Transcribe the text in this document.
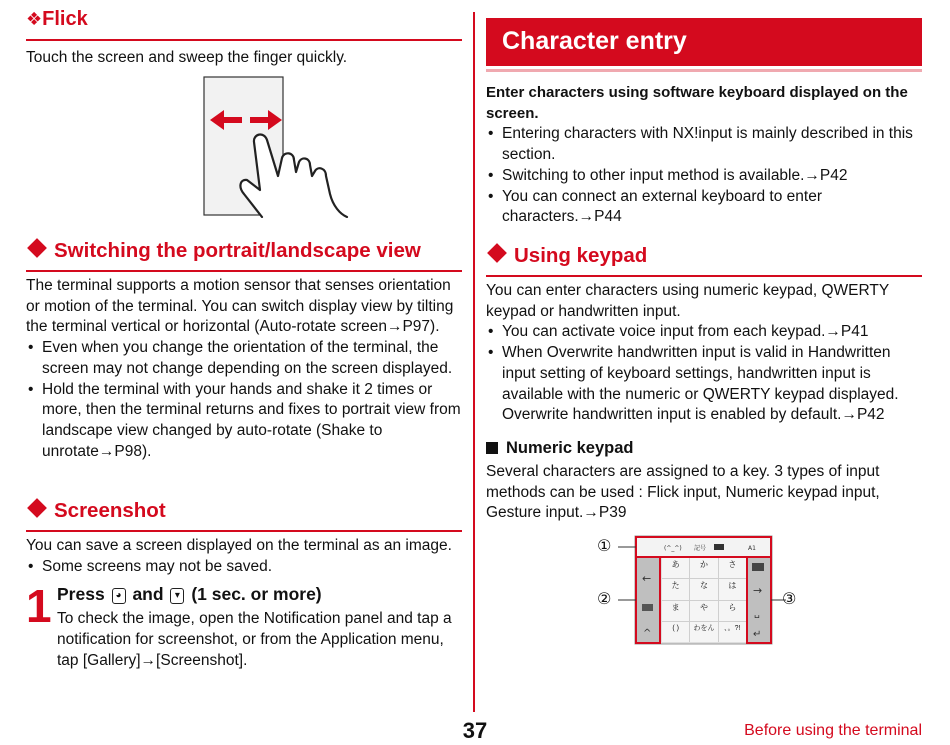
❖Flick

Touch the screen and sweep the finger quickly.

Switching the portrait/landscape view

The terminal supports a motion sensor that senses orientation or motion of the terminal. You can switch display view by tilting the terminal vertical or horizontal (Auto-rotate screen→P97).

• Even when you change the orientation of the terminal, the screen may not change depending on the screen displayed.
• Hold the terminal with your hands and shake it 2 times or more, then the terminal returns and fixes to portrait view from landscape view changed by auto-rotate (Shake to unrotate→P98).
Screenshot

You can save a screen displayed on the terminal as an image.

• Some screens may not be saved.
1 Press ◕ and ▾ (1 sec. or more)

To check the image, open the Notification panel and tap a notification for screenshot, or from the Application menu, tap [Gallery]→[Screenshot].

Character entry

Enter characters using software keyboard displayed on the screen.

• Entering characters with NX!input is mainly described in this section.
• Switching to other input method is available.→P42
• You can connect an external keyboard to enter characters.→P44
Using keypad

You can enter characters using numeric keypad, QWERTY keypad or handwritten input.

• You can activate voice input from each keypad.→P41
• When Overwrite handwritten input is valid in Handwritten input setting of keyboard settings, handwritten input is available with the numeric or QWERTY keypad displayed. Overwrite handwritten input is enabled by default.→P42
Numeric keypad

Several characters are assigned to a key. 3 types of input methods can be used : Flick input, Numeric keypad input, Gesture input.→P39

(^_^) 記号	A1
←
^
→
␣
↵
あ	か	さ
た	な	は
ま	や	ら
( )	わをん	、。?!
①
②	③
37	Before using the terminal
